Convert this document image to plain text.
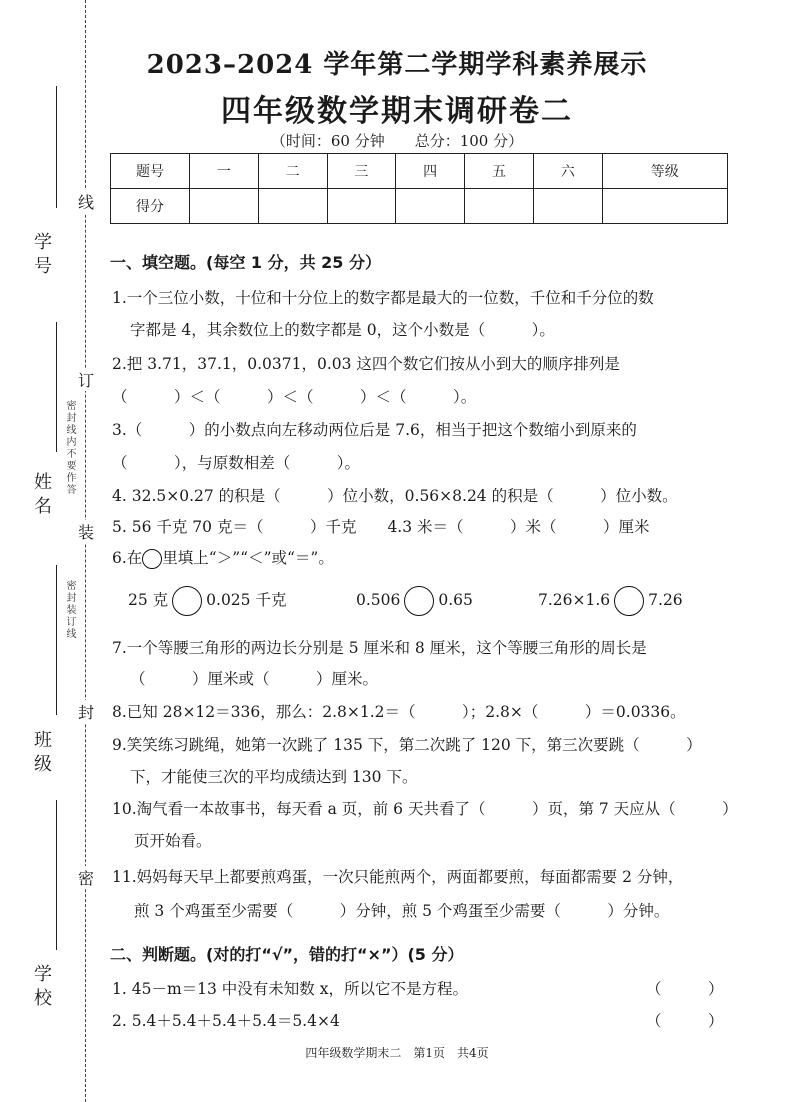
学号
姓名
班级
学校
密封线内不要作答
密封装订线
线
订
装
封
密
2023–2024 学年第二学期学科素养展示
四年级数学期末调研卷二
（时间：60 分钟　　总分：100 分）
题号	一	二	三	四	五	六	等级
得分							
一、填空题。(每空 1 分，共 25 分）
1.一个三位小数，十位和十分位上的数字都是最大的一位数，千位和千分位的数
字都是 4，其余数位上的数字都是 0，这个小数是（　　　）。
2.把 3.71，37.1，0.0371，0.03 这四个数它们按从小到大的顺序排列是
（　　　）＜（　　　）＜（　　　）＜（　　　）。
3.（　　　）的小数点向左移动两位后是 7.6，相当于把这个数缩小到原来的
（　　　），与原数相差（　　　）。
4. 32.5×0.27 的积是（　　　）位小数，0.56×8.24 的积是（　　　）位小数。
5. 56 千克 70 克＝（　　　）千克　　4.3 米＝（　　　）米（　　　）厘米
6.在 里填上“＞”“＜”或“＝”。
25 克 0.025 千克	0.506 0.65	7.26×1.6 7.26
7.一个等腰三角形的两边长分别是 5 厘米和 8 厘米，这个等腰三角形的周长是
（　　　）厘米或（　　　）厘米。
8.已知 28×12＝336，那么：2.8×1.2＝（　　　）；2.8×（　　　）＝0.0336。
9.笑笑练习跳绳，她第一次跳了 135 下，第二次跳了 120 下，第三次要跳（　　　）
下，才能使三次的平均成绩达到 130 下。
10.淘气看一本故事书，每天看 a 页，前 6 天共看了（　　　）页，第 7 天应从（　　　）
页开始看。
11.妈妈每天早上都要煎鸡蛋，一次只能煎两个，两面都要煎，每面都需要 2 分钟，
煎 3 个鸡蛋至少需要（　　　）分钟，煎 5 个鸡蛋至少需要（　　　）分钟。
二、判断题。(对的打“√”，错的打“×”）(5 分）
1. 45－m＝13 中没有未知数 x，所以它不是方程。	（　　　）
2. 5.4＋5.4＋5.4＋5.4＝5.4×4	（　　　）
四年级数学期末二　第1页　共4页
